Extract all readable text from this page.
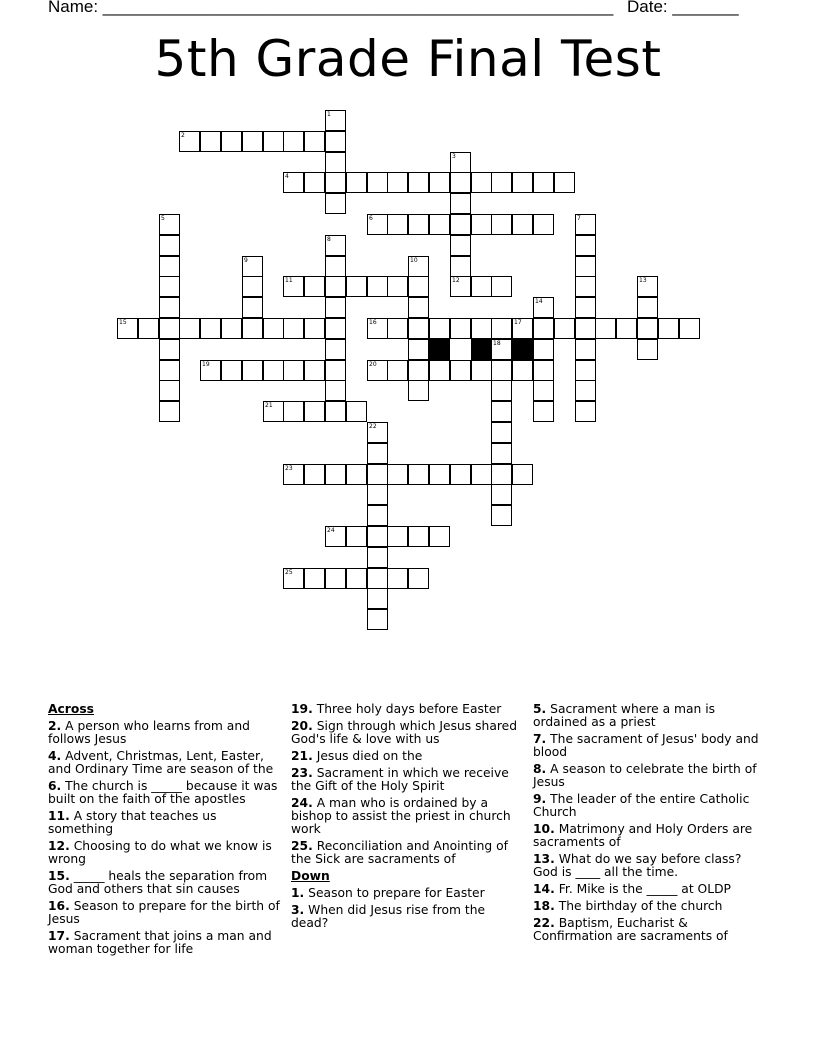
Name: ______________________________________________________ Date: _______
5th Grade Final Test
1
2
3
12
4
5	6	7
8
9	10
11	13
14
15	16	17
18
19	20
21
22
23
24
25
Across
2. A person who learns from and follows Jesus
4. Advent, Christmas, Lent, Easter, and Ordinary Time are season of the
6. The church is _____ because it was built on the faith of the apostles
11. A story that teaches us something
12. Choosing to do what we know is wrong
15. _____ heals the separation from God and others that sin causes
16. Season to prepare for the birth of Jesus
17. Sacrament that joins a man and woman together for life
19. Three holy days before Easter
20. Sign through which Jesus shared God's life & love with us
21. Jesus died on the
23. Sacrament in which we receive the Gift of the Holy Spirit
24. A man who is ordained by a bishop to assist the priest in church work
25. Reconciliation and Anointing of the Sick are sacraments of
Down
1. Season to prepare for Easter
3. When did Jesus rise from the dead?
5. Sacrament where a man is ordained as a priest
7. The sacrament of Jesus' body and blood
8. A season to celebrate the birth of Jesus
9. The leader of the entire Catholic Church
10. Matrimony and Holy Orders are sacraments of
13. What do we say before class? God is ____ all the time.
14. Fr. Mike is the _____ at OLDP
18. The birthday of the church
22. Baptism, Eucharist & Confirmation are sacraments of
